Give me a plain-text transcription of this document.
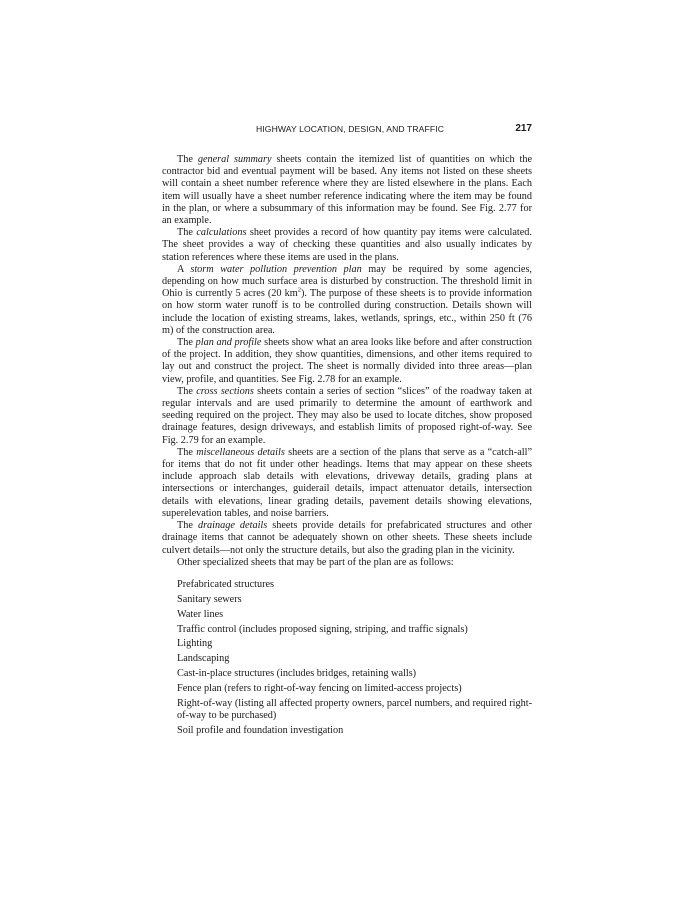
HIGHWAY LOCATION, DESIGN, AND TRAFFIC	217

The general summary sheets contain the itemized list of quantities on which the contractor bid and eventual payment will be based. Any items not listed on these sheets will contain a sheet number reference where they are listed elsewhere in the plans. Each item will usually have a sheet number reference indicating where the item may be found in the plan, or where a subsummary of this information may be found. See Fig. 2.77 for an example.

The calculations sheet provides a record of how quantity pay items were calculated. The sheet provides a way of checking these quantities and also usually indicates by station references where these items are used in the plans.

A storm water pollution prevention plan may be required by some agencies, depending on how much surface area is disturbed by construction. The threshold limit in Ohio is currently 5 acres (20 $km^2$). The purpose of these sheets is to provide information on how storm water runoff is to be controlled during construction. Details shown will include the location of existing streams, lakes, wetlands, springs, etc., within 250 ft (76 m) of the construction area.

The plan and profile sheets show what an area looks like before and after construction of the project. In addition, they show quantities, dimensions, and other items required to lay out and construct the project. The sheet is normally divided into three areas—plan view, profile, and quantities. See Fig. 2.78 for an example.

The cross sections sheets contain a series of section “slices” of the roadway taken at regular intervals and are used primarily to determine the amount of earthwork and seeding required on the project. They may also be used to locate ditches, show proposed drainage features, design driveways, and establish limits of proposed right-of-way. See Fig. 2.79 for an example.

The miscellaneous details sheets are a section of the plans that serve as a “catch-all” for items that do not fit under other headings. Items that may appear on these sheets include approach slab details with elevations, driveway details, grading plans at intersections or interchanges, guiderail details, impact attenuator details, intersection details with elevations, linear grading details, pavement details showing elevations, superelevation tables, and noise barriers.

The drainage details sheets provide details for prefabricated structures and other drainage items that cannot be adequately shown on other sheets. These sheets include culvert details—not only the structure details, but also the grading plan in the vicinity.

Other specialized sheets that may be part of the plan are as follows:

Prefabricated structures
Sanitary sewers
Water lines
Traffic control (includes proposed signing, striping, and traffic signals)
Lighting
Landscaping
Cast-in-place structures (includes bridges, retaining walls)
Fence plan (refers to right-of-way fencing on limited-access projects)
Right-of-way (listing all affected property owners, parcel numbers, and required right-of-way to be purchased)
Soil profile and foundation investigation
